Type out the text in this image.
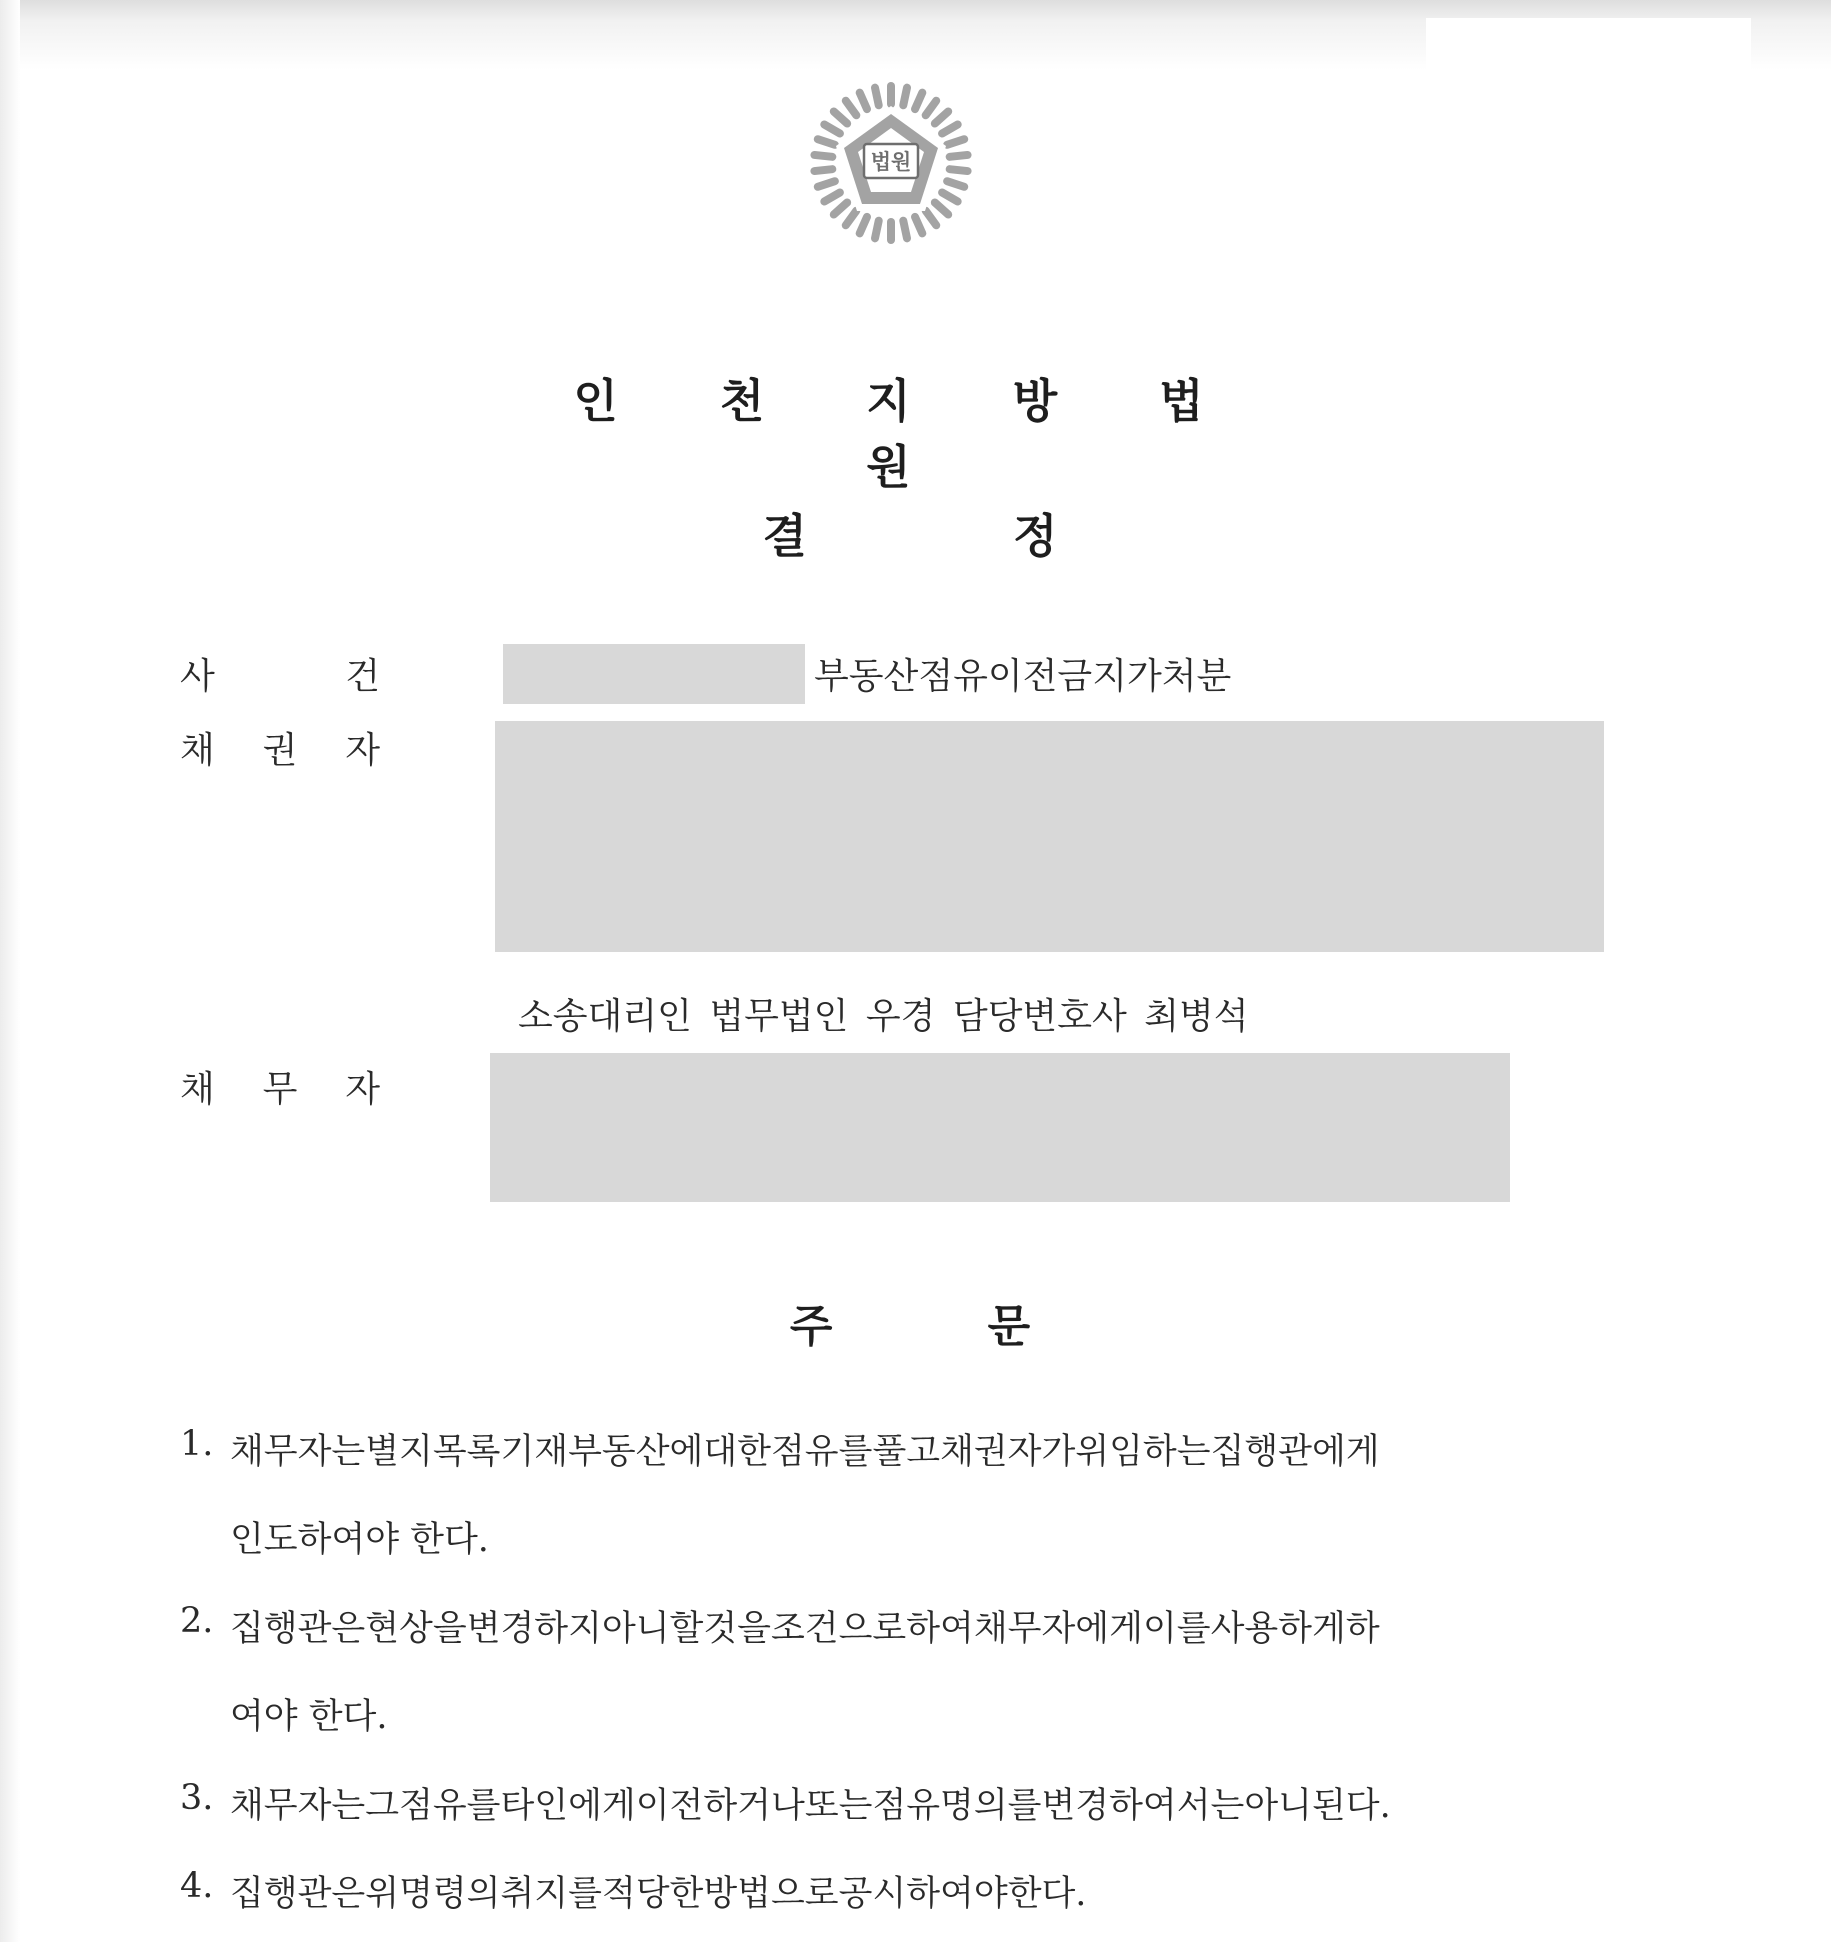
법원
인 천 지 방 법 원
결 정
사	건	부동산점유이전금지가처분
채 권 자
소송대리인 법무법인 우경 담당변호사 최병석
채 무 자
주 문
1. 채무자는별지목록기재부동산에대한점유를풀고채권자가위임하는집행관에게
인도하여야 한다.
2. 집행관은현상을변경하지아니할것을조건으로하여채무자에게이를사용하게하
여야 한다.
3. 채무자는그점유를타인에게이전하거나또는점유명의를변경하여서는아니된다.
4. 집행관은위명령의취지를적당한방법으로공시하여야한다.
